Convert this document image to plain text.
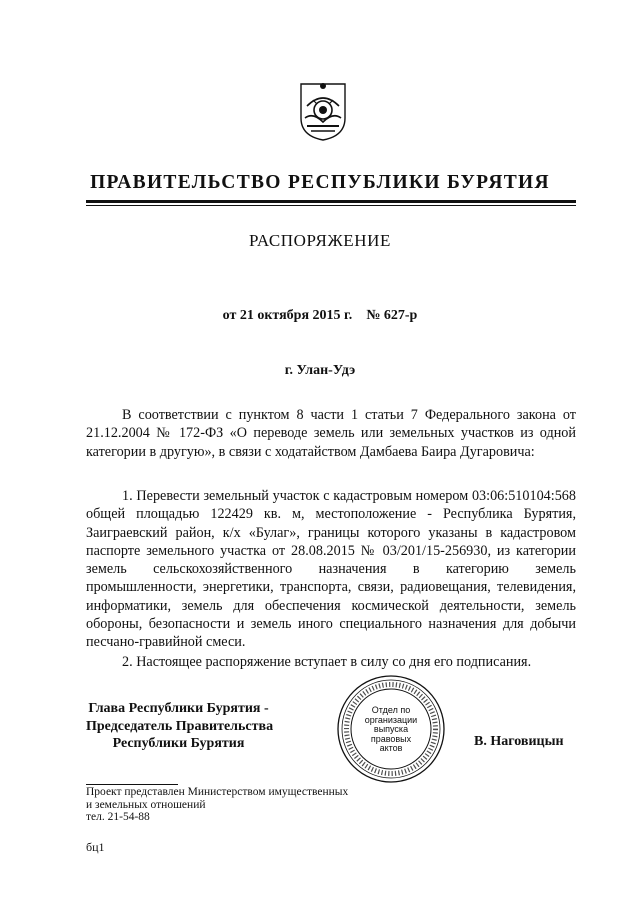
ПРАВИТЕЛЬСТВО РЕСПУБЛИКИ БУРЯТИЯ
РАСПОРЯЖЕНИЕ
от 21 октября 2015 г. № 627-р
г. Улан-Удэ

В соответствии с пунктом 8 части 1 статьи 7 Федерального закона от 21.12.2004 № 172-ФЗ «О переводе земель или земельных участков из одной категории в другую», в связи с ходатайством Дамбаева Баира Дугаровича:

1. Перевести земельный участок с кадастровым номером 03:06:510104:568 общей площадью 122429 кв. м, местоположение - Республика Бурятия, Заиграевский район, к/х «Булаг», границы которого указаны в кадастровом паспорте земельного участка от 28.08.2015 № 03/201/15-256930, из категории земель сельскохозяйственного назначения в категорию земель промышленности, энергетики, транспорта, связи, радиовещания, телевидения, информатики, земель для обеспечения космической деятельности, земель обороны, безопасности и земель иного специального назначения для добычи песчано-гравийной смеси.

2. Настоящее распоряжение вступает в силу со дня его подписания.

Глава Республики Бурятия -
Председатель Правительства
Республики Бурятия
Отдел по
организации
выпуска
правовых
актов	В. Наговицын
Проект представлен Министерством имущественных
и земельных отношений
тел. 21-54-88
бц1
